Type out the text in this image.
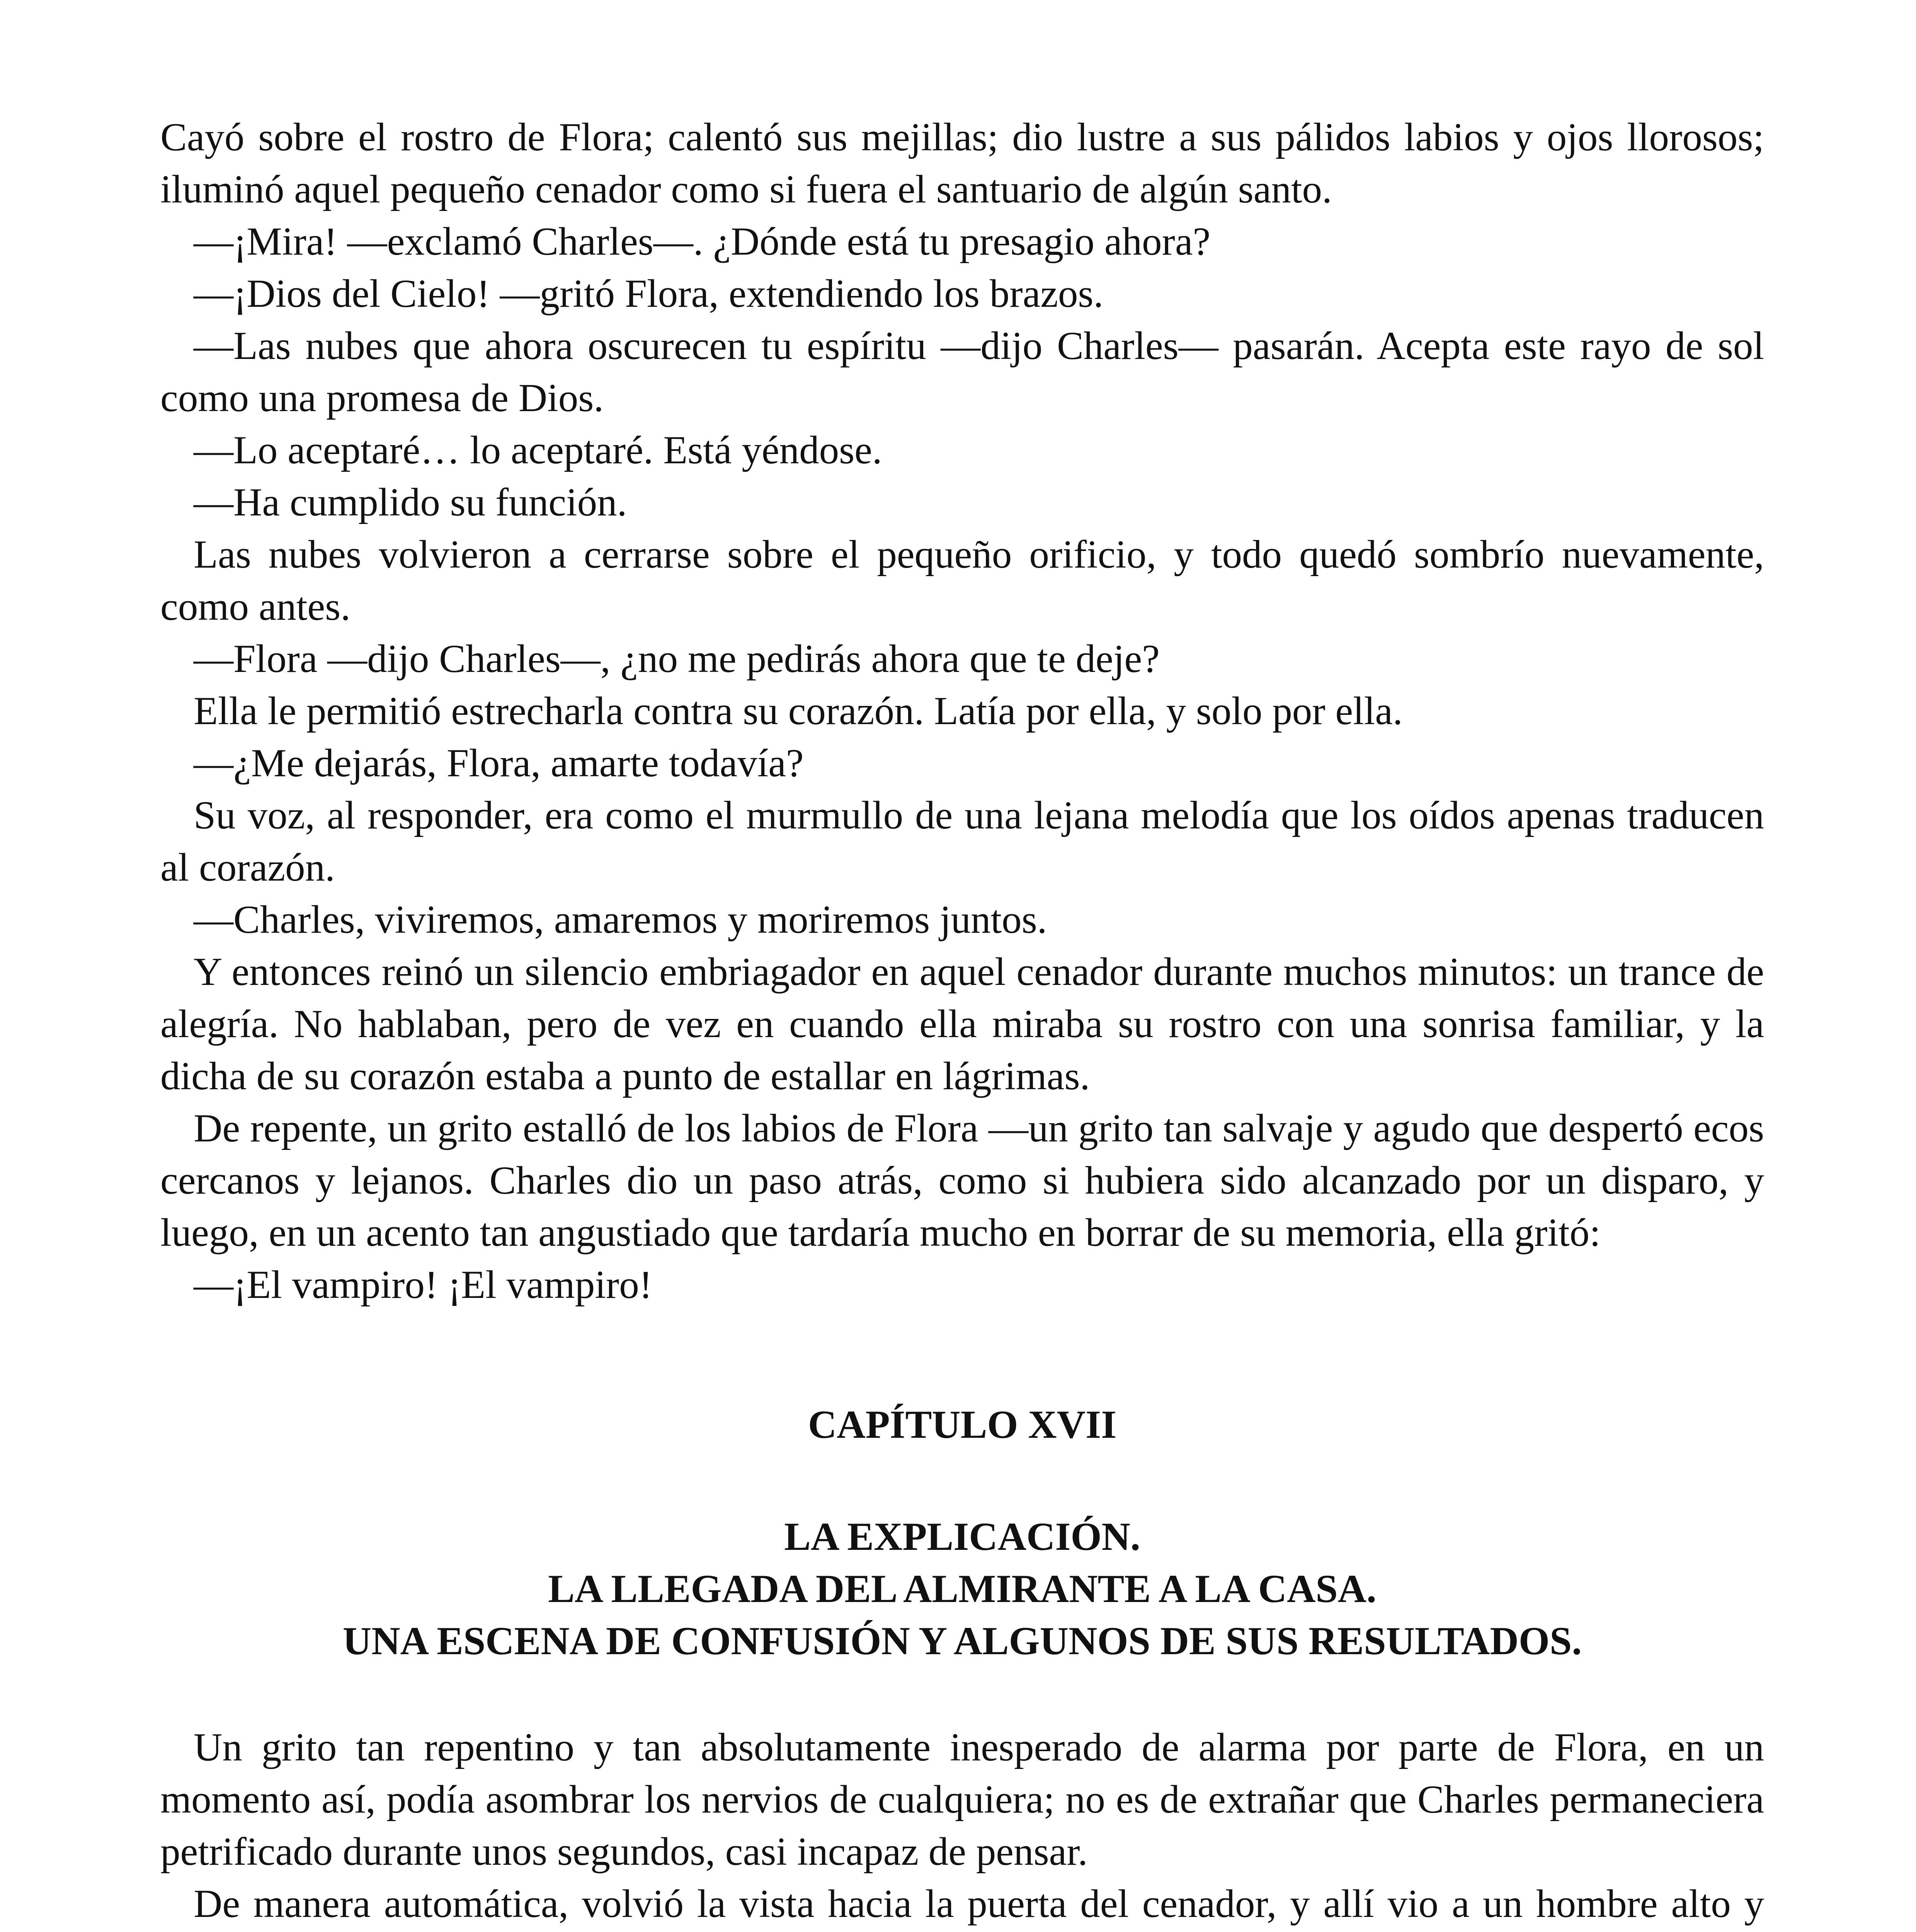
Cayó sobre el rostro de Flora; calentó sus mejillas; dio lustre a sus pálidos labios y ojos llorosos; iluminó aquel pequeño cenador como si fuera el santuario de algún santo.

—¡Mira! —exclamó Charles—. ¿Dónde está tu presagio ahora?

—¡Dios del Cielo! —gritó Flora, extendiendo los brazos.

—Las nubes que ahora oscurecen tu espíritu —dijo Charles— pasarán. Acepta este rayo de sol como una promesa de Dios.

—Lo aceptaré… lo aceptaré. Está yéndose.

—Ha cumplido su función.

Las nubes volvieron a cerrarse sobre el pequeño orificio, y todo quedó sombrío nuevamente, como antes.

—Flora —dijo Charles—, ¿no me pedirás ahora que te deje?

Ella le permitió estrecharla contra su corazón. Latía por ella, y solo por ella.

—¿Me dejarás, Flora, amarte todavía?

Su voz, al responder, era como el murmullo de una lejana melodía que los oídos apenas traducen al corazón.

—Charles, viviremos, amaremos y moriremos juntos.

Y entonces reinó un silencio embriagador en aquel cenador durante muchos minutos: un trance de alegría. No hablaban, pero de vez en cuando ella miraba su rostro con una sonrisa familiar, y la dicha de su corazón estaba a punto de estallar en lágrimas.

De repente, un grito estalló de los labios de Flora —un grito tan salvaje y agudo que despertó ecos cercanos y lejanos. Charles dio un paso atrás, como si hubiera sido alcanzado por un disparo, y luego, en un acento tan angustiado que tardaría mucho en borrar de su memoria, ella gritó:

—¡El vampiro! ¡El vampiro!

CAPÍTULO XVII
LA EXPLICACIÓN.
LA LLEGADA DEL ALMIRANTE A LA CASA.
UNA ESCENA DE CONFUSIÓN Y ALGUNOS DE SUS RESULTADOS.

Un grito tan repentino y tan absolutamente inesperado de alarma por parte de Flora, en un momento así, podía asombrar los nervios de cualquiera; no es de extrañar que Charles permaneciera petrificado durante unos segundos, casi incapaz de pensar.

De manera automática, volvió la vista hacia la puerta del cenador, y allí vio a un hombre alto y
